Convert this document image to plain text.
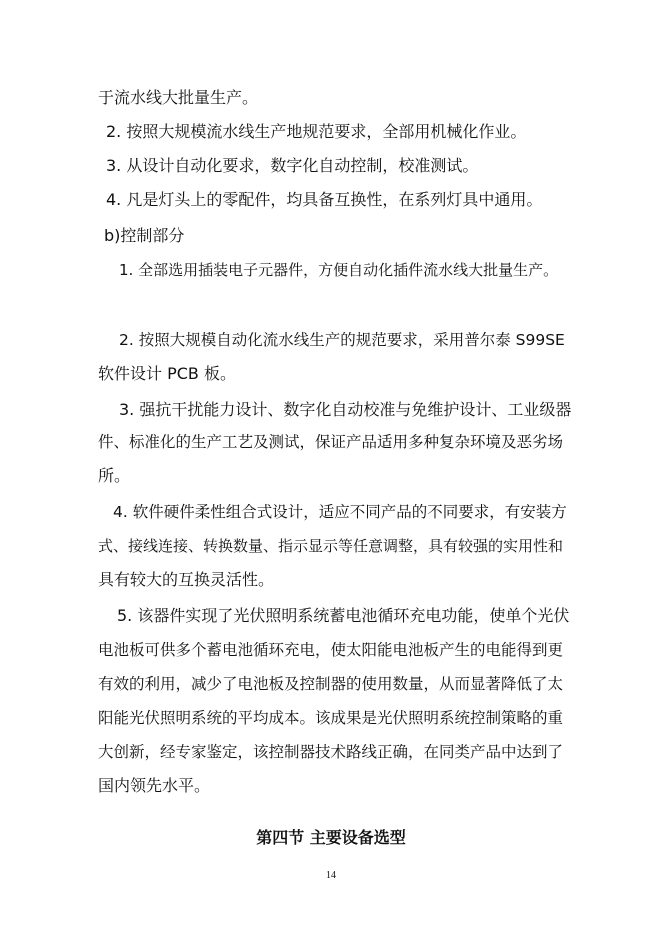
于流水线大批量生产。
2. 按照大规模流水线生产地规范要求，全部用机械化作业。
3. 从设计自动化要求，数字化自动控制，校准测试。
4. 凡是灯头上的零配件，均具备互换性，在系列灯具中通用。
b)控制部分
1. 全部选用插装电子元器件，方便自动化插件流水线大批量生产。
2. 按照大规模自动化流水线生产的规范要求，采用普尔泰 S99SE
软件设计 PCB 板。
3. 强抗干扰能力设计、数字化自动校准与免维护设计、工业级器
件、标准化的生产工艺及测试，保证产品适用多种复杂环境及恶劣场
所。
4. 软件硬件柔性组合式设计，适应不同产品的不同要求，有安装方
式、接线连接、转换数量、指示显示等任意调整，具有较强的实用性和
具有较大的互换灵活性。
5. 该器件实现了光伏照明系统蓄电池循环充电功能，使单个光伏
电池板可供多个蓄电池循环充电，使太阳能电池板产生的电能得到更
有效的利用，减少了电池板及控制器的使用数量，从而显著降低了太
阳能光伏照明系统的平均成本。该成果是光伏照明系统控制策略的重
大创新，经专家鉴定，该控制器技术路线正确，在同类产品中达到了
国内领先水平。
第四节 主要设备选型
14
